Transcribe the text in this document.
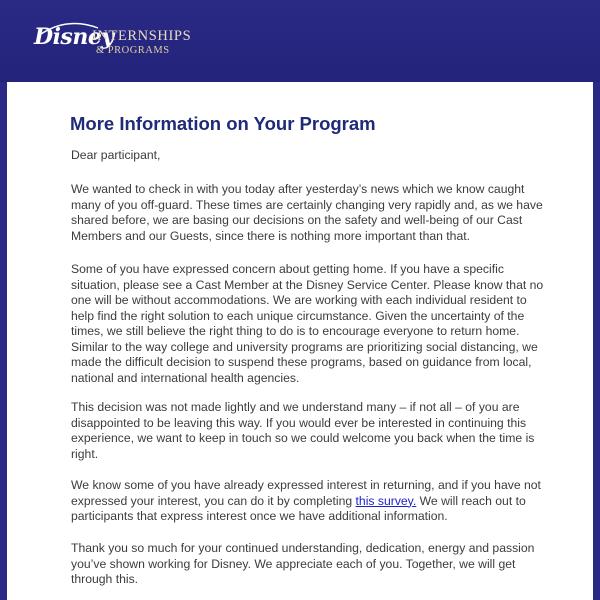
Disney
INTERNSHIPS
& PROGRAMS
More Information on Your Program

Dear participant,

We wanted to check in with you today after yesterday’s news which we know caught
many of you off-guard. These times are certainly changing very rapidly and, as we have
shared before, we are basing our decisions on the safety and well-being of our Cast
Members and our Guests, since there is nothing more important than that.

Some of you have expressed concern about getting home. If you have a specific
situation, please see a Cast Member at the Disney Service Center. Please know that no
one will be without accommodations. We are working with each individual resident to
help find the right solution to each unique circumstance. Given the uncertainty of the
times, we still believe the right thing to do is to encourage everyone to return home.
Similar to the way college and university programs are prioritizing social distancing, we
made the difficult decision to suspend these programs, based on guidance from local,
national and international health agencies.

This decision was not made lightly and we understand many – if not all – of you are
disappointed to be leaving this way. If you would ever be interested in continuing this
experience, we want to keep in touch so we could welcome you back when the time is
right.

We know some of you have already expressed interest in returning, and if you have not
expressed your interest, you can do it by completing this survey. We will reach out to
participants that express interest once we have additional information.

Thank you so much for your continued understanding, dedication, energy and passion
you’ve shown working for Disney. We appreciate each of you. Together, we will get
through this.
